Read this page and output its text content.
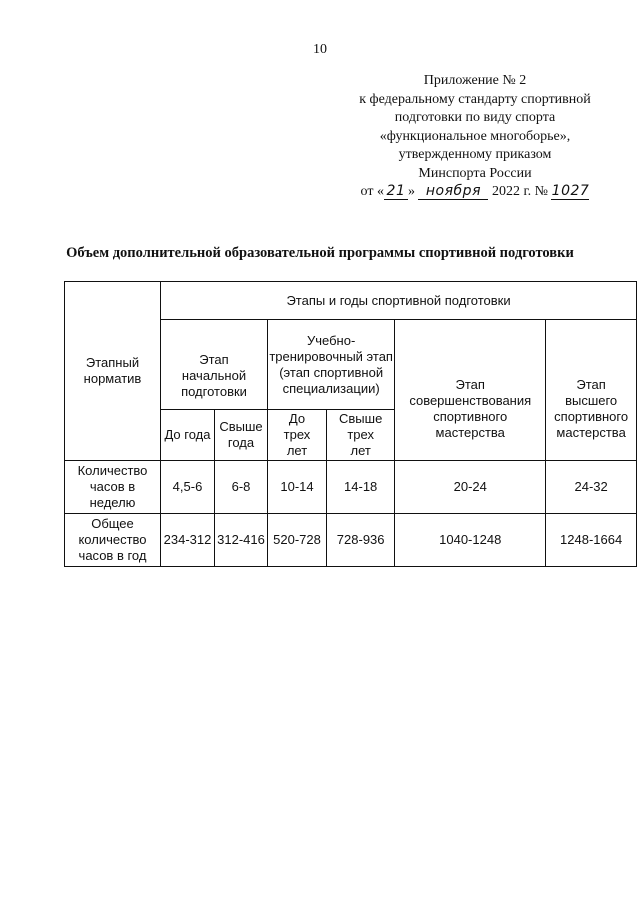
10
Приложение № 2
к федеральному стандарту спортивной
подготовки по виду спорта
«функциональное многоборье»,
утвержденному приказом
Минспорта России
от « 21 » ноября 2022 г. № 1027
Объем дополнительной образовательной программы спортивной подготовки
Этапный норматив	Этапы и годы спортивной подготовки					
	Этап начальной подготовки		Учебно-тренировочный этап (этап спортивной специализации)		Этап совершенствования спортивного мастерства	Этап высшего спортивного мастерства
	До года	Свыше года	До трех лет	Свыше трех лет		
Количество часов в неделю	4,5-6	6-8	10-14	14-18	20-24	24-32
Общее количество часов в год	234-312	312-416	520-728	728-936	1040-1248	1248-1664
